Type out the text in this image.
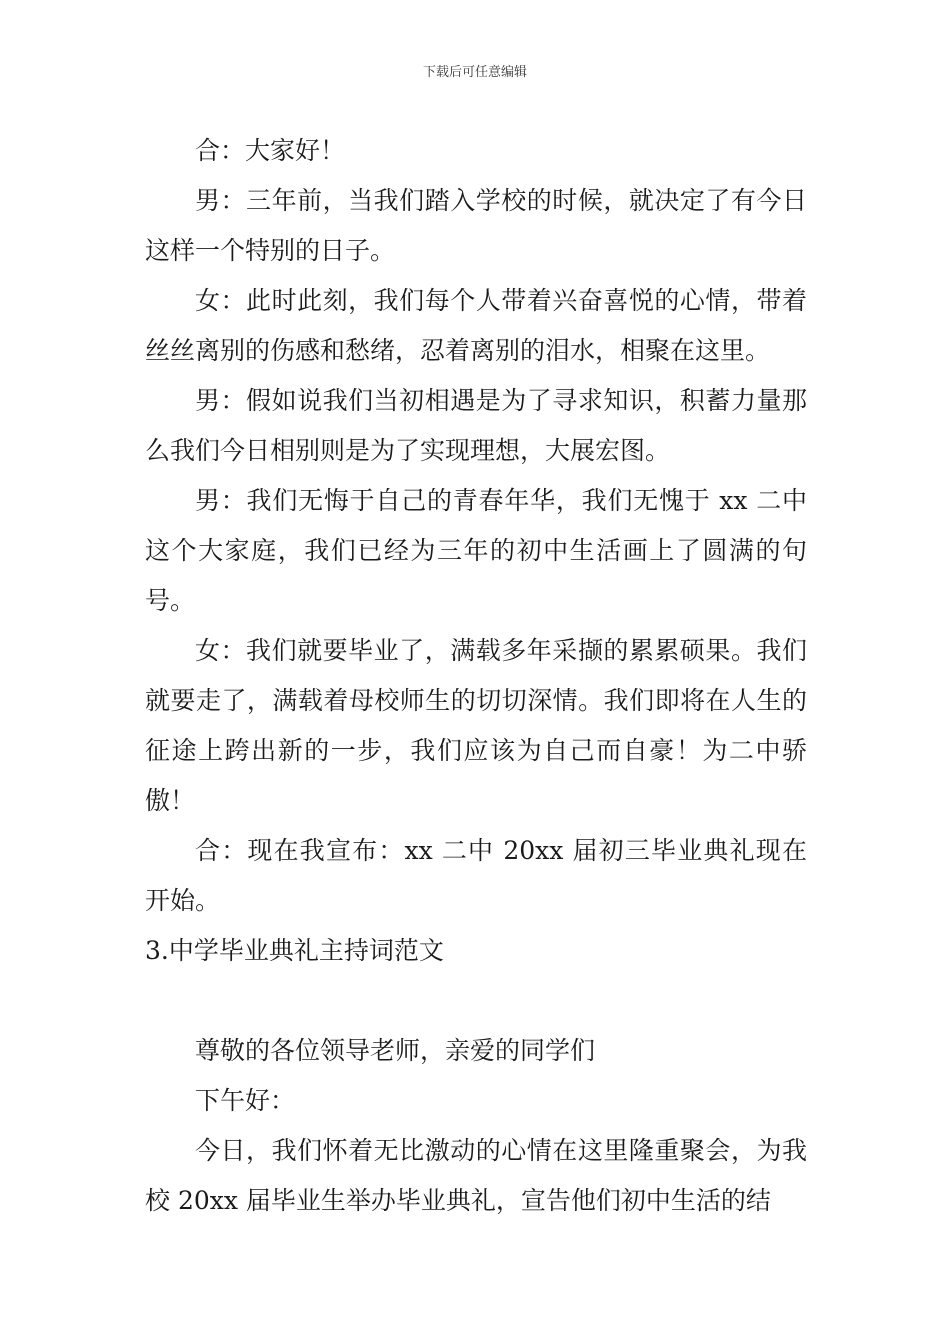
下载后可任意编辑

合：大家好！

男：三年前，当我们踏入学校的时候，就决定了有今日这样一个特别的日子。

女：此时此刻，我们每个人带着兴奋喜悦的心情，带着丝丝离别的伤感和愁绪，忍着离别的泪水，相聚在这里。

男：假如说我们当初相遇是为了寻求知识，积蓄力量那么我们今日相别则是为了实现理想，大展宏图。

男：我们无悔于自己的青春年华，我们无愧于 xx 二中这个大家庭，我们已经为三年的初中生活画上了圆满的句号。

女：我们就要毕业了，满载多年采撷的累累硕果。我们就要走了，满载着母校师生的切切深情。我们即将在人生的征途上跨出新的一步，我们应该为自己而自豪！为二中骄傲！

合：现在我宣布：xx 二中 20xx 届初三毕业典礼现在开始。

3.中学毕业典礼主持词范文

尊敬的各位领导老师，亲爱的同学们

下午好：

今日，我们怀着无比激动的心情在这里隆重聚会，为我校 20xx 届毕业生举办毕业典礼，宣告他们初中生活的结
